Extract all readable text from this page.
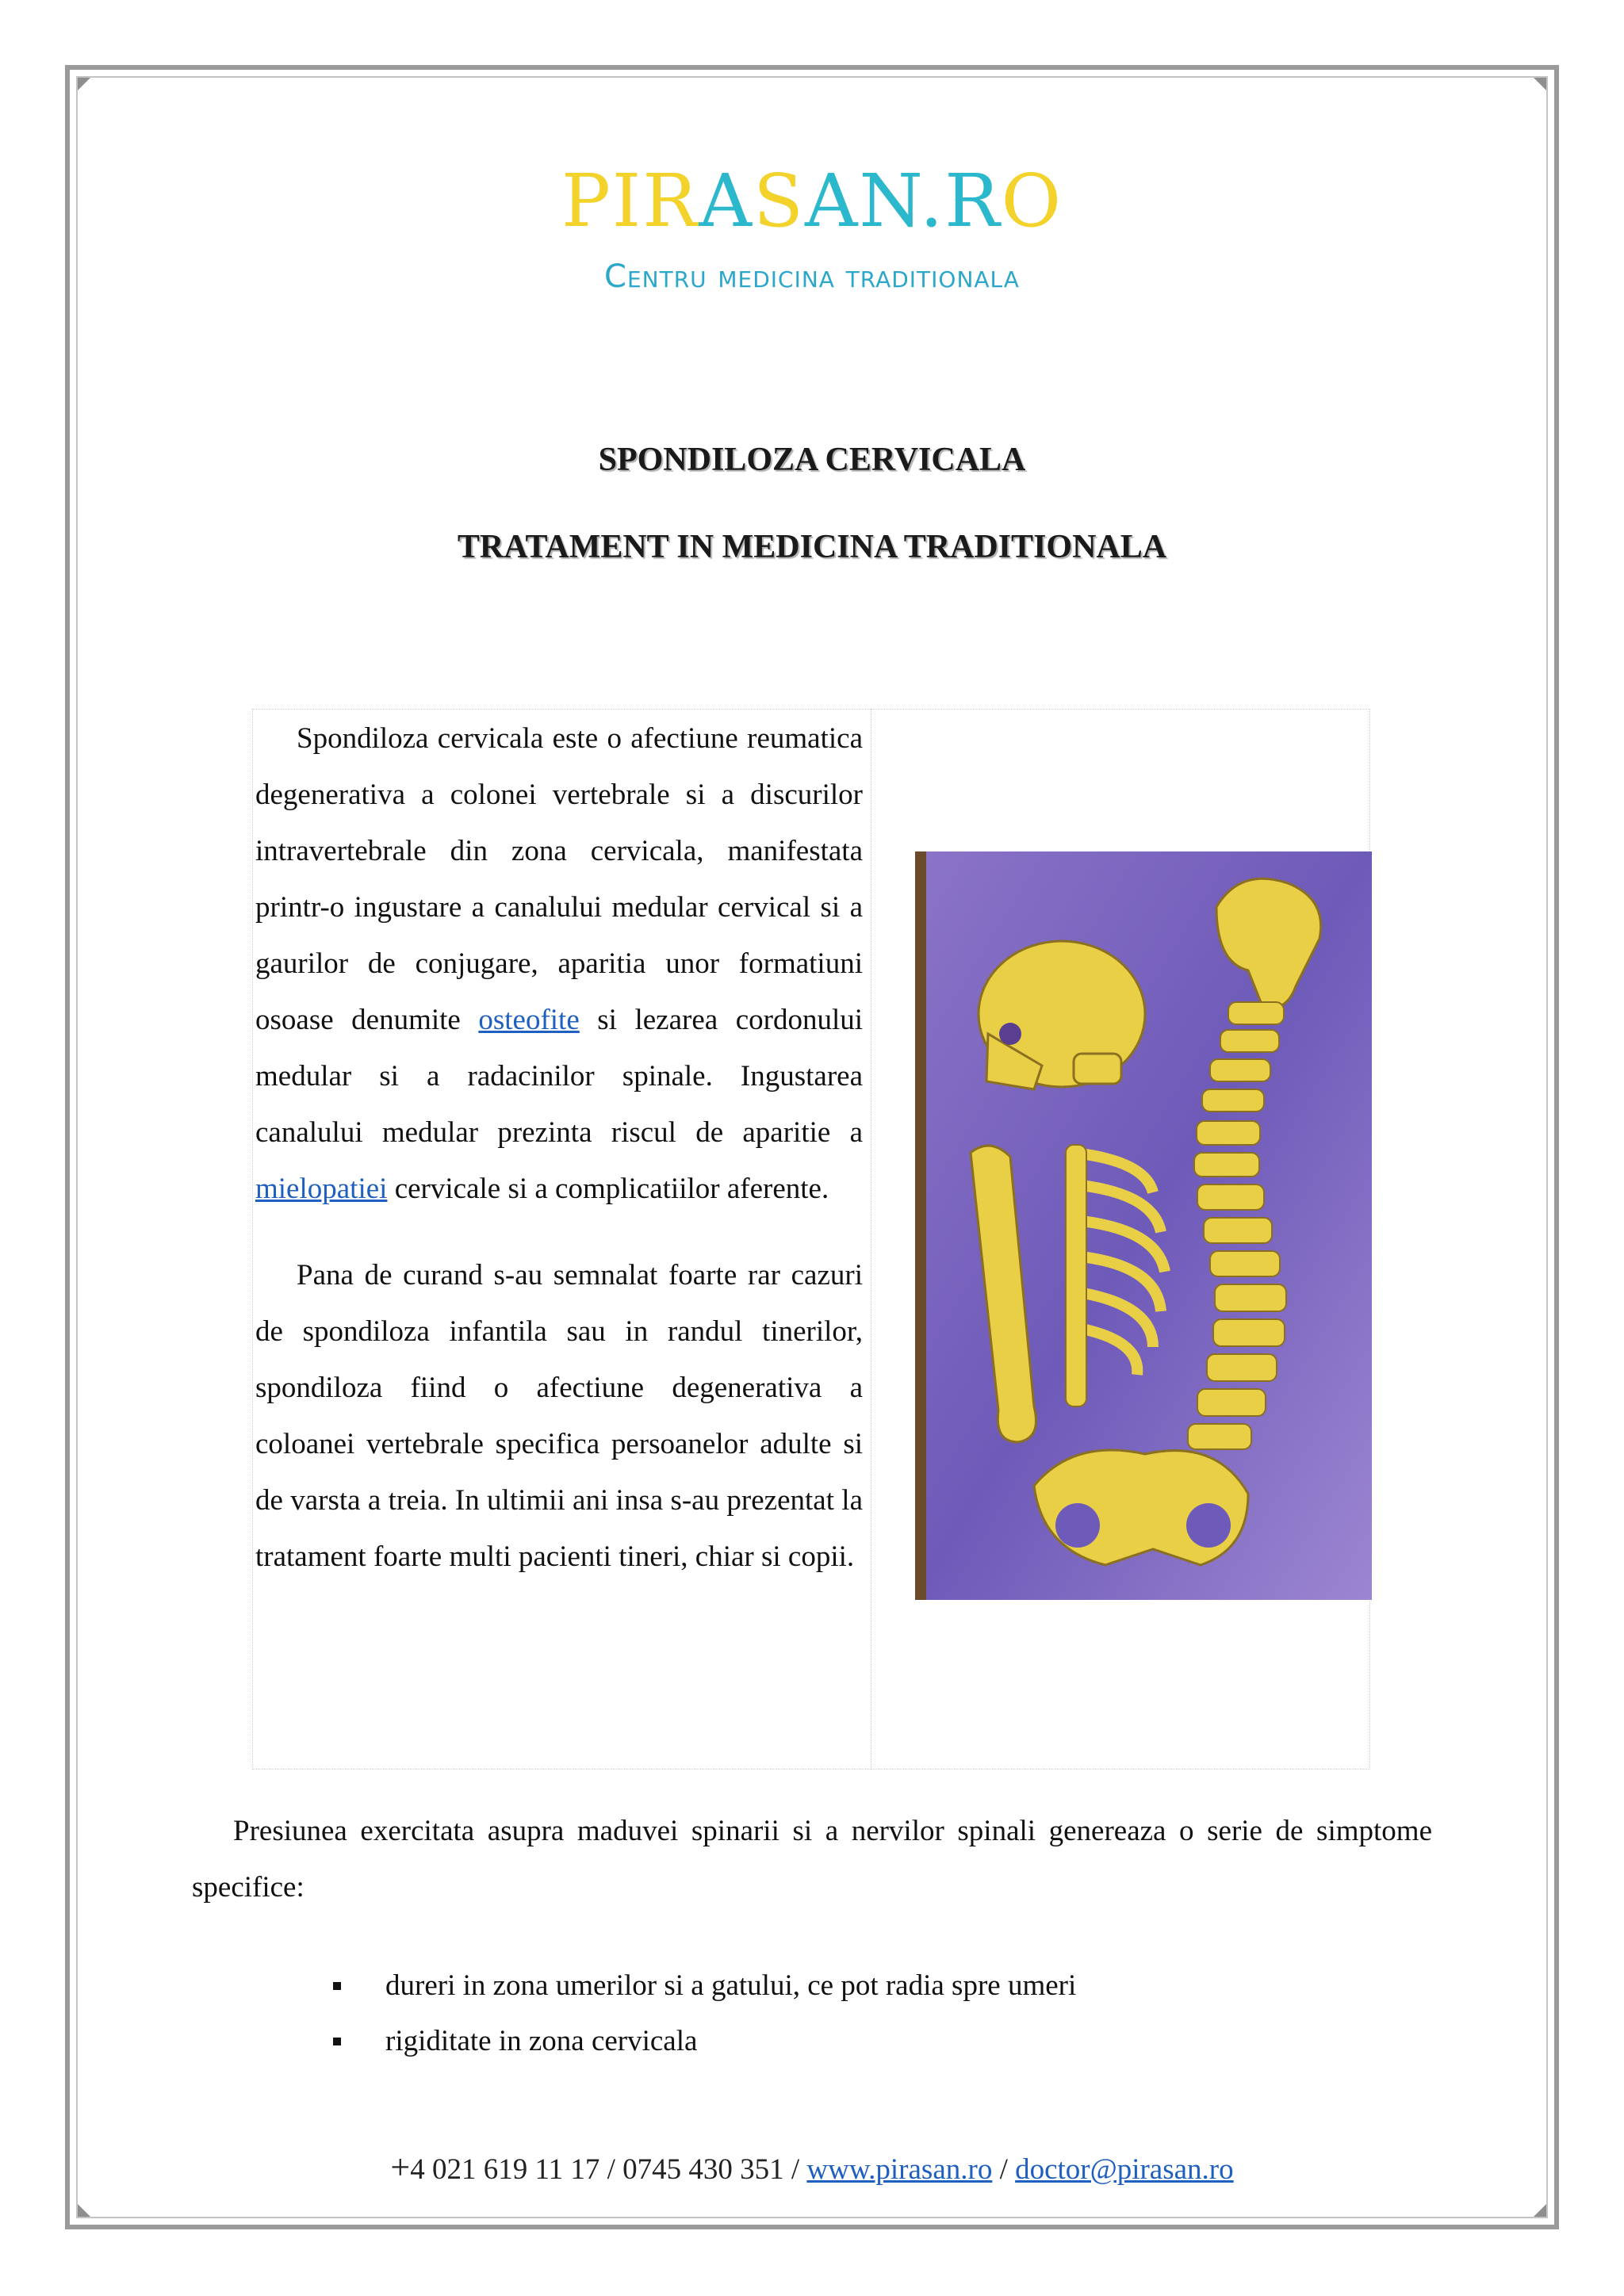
PIRASAN.RO
Centru medicina traditionala
SPONDILOZA CERVICALA
TRATAMENT IN MEDICINA TRADITIONALA

Spondiloza cervicala este o afectiune reumatica degenerativa a colonei vertebrale si a discurilor intravertebrale din zona cervicala, manifestata printr-o ingustare a canalului medular cervical si a gaurilor de conjugare, aparitia unor formatiuni osoase denumite osteofite si lezarea cordonului medular si a radacinilor spinale. Ingustarea canalului medular prezinta riscul de aparitie a mielopatiei cervicale si a complicatiilor aferente.

Pana de curand s-au semnalat foarte rar cazuri de spondiloza infantila sau in randul tinerilor, spondiloza fiind o afectiune degenerativa a coloanei vertebrale specifica persoanelor adulte si de varsta a treia. In ultimii ani insa s-au prezentat la tratament foarte multi pacienti tineri, chiar si copii.

Presiunea exercitata asupra maduvei spinarii si a nervilor spinali genereaza o serie de simptome specifice:

dureri in zona umerilor si a gatului, ce pot radia spre umeri
rigiditate in zona cervicala
+4 021 619 11 17 / 0745 430 351 / www.pirasan.ro / doctor@pirasan.ro
